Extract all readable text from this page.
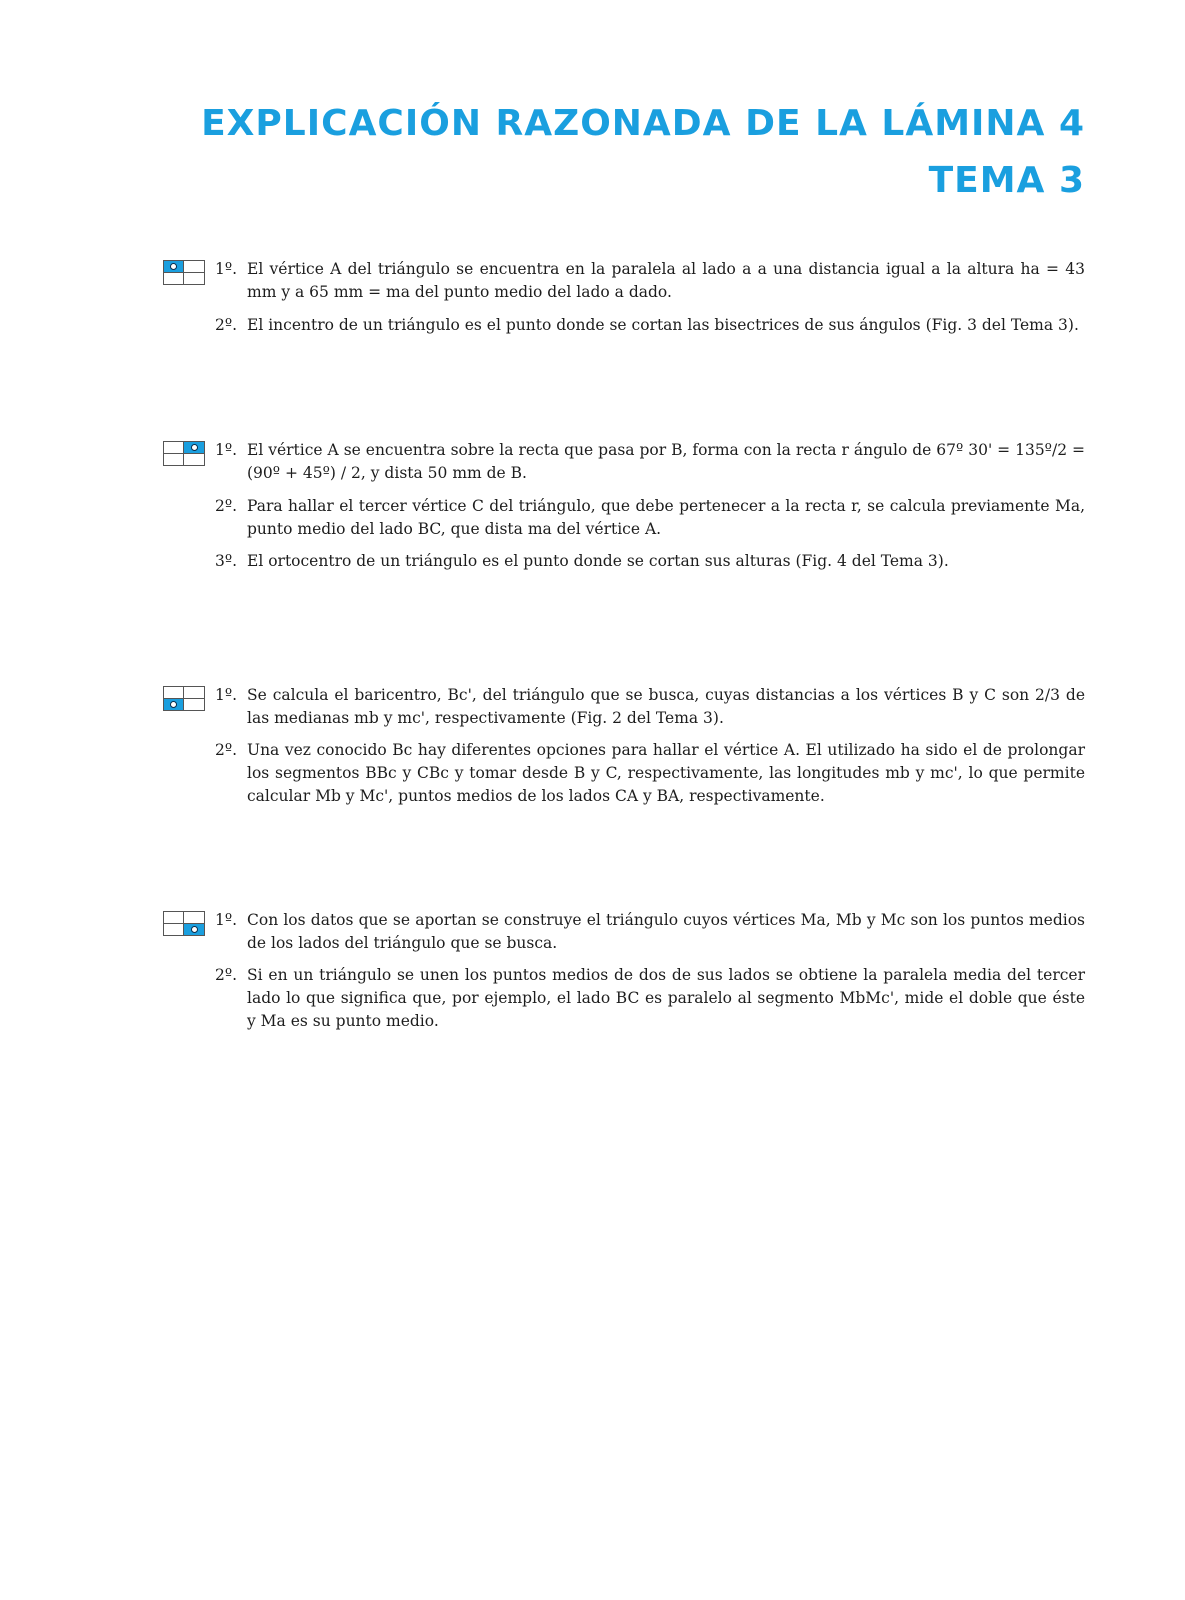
EXPLICACIÓN RAZONADA DE LA LÁMINA 4
TEMA 3
1º. El vértice A del triángulo se encuentra en la paralela al lado a a una distancia igual a la altura ha = 43 mm y a 65 mm = ma del punto medio del lado a dado.
2º. El incentro de un triángulo es el punto donde se cortan las bisectrices de sus ángulos (Fig. 3 del Tema 3).
1º. El vértice A se encuentra sobre la recta que pasa por B, forma con la recta r ángulo de 67º 30' = 135º/2 = (90º + 45º) / 2, y dista 50 mm de B.
2º. Para hallar el tercer vértice C del triángulo, que debe pertenecer a la recta r, se calcula previamente Ma, punto medio del lado BC, que dista ma del vértice A.
3º. El ortocentro de un triángulo es el punto donde se cortan sus alturas (Fig. 4 del Tema 3).
1º. Se calcula el baricentro, Bc', del triángulo que se busca, cuyas distancias a los vértices B y C son 2/3 de las medianas mb y mc', respectivamente (Fig. 2 del Tema 3).
2º. Una vez conocido Bc hay diferentes opciones para hallar el vértice A. El utilizado ha sido el de prolongar los segmentos BBc y CBc y tomar desde B y C, respectivamente, las longitudes mb y mc', lo que permite calcular Mb y Mc', puntos medios de los lados CA y BA, respectivamente.
1º. Con los datos que se aportan se construye el triángulo cuyos vértices Ma, Mb y Mc son los puntos medios de los lados del triángulo que se busca.
2º. Si en un triángulo se unen los puntos medios de dos de sus lados se obtiene la paralela media del tercer lado lo que significa que, por ejemplo, el lado BC es paralelo al segmento MbMc', mide el doble que éste y Ma es su punto medio.
